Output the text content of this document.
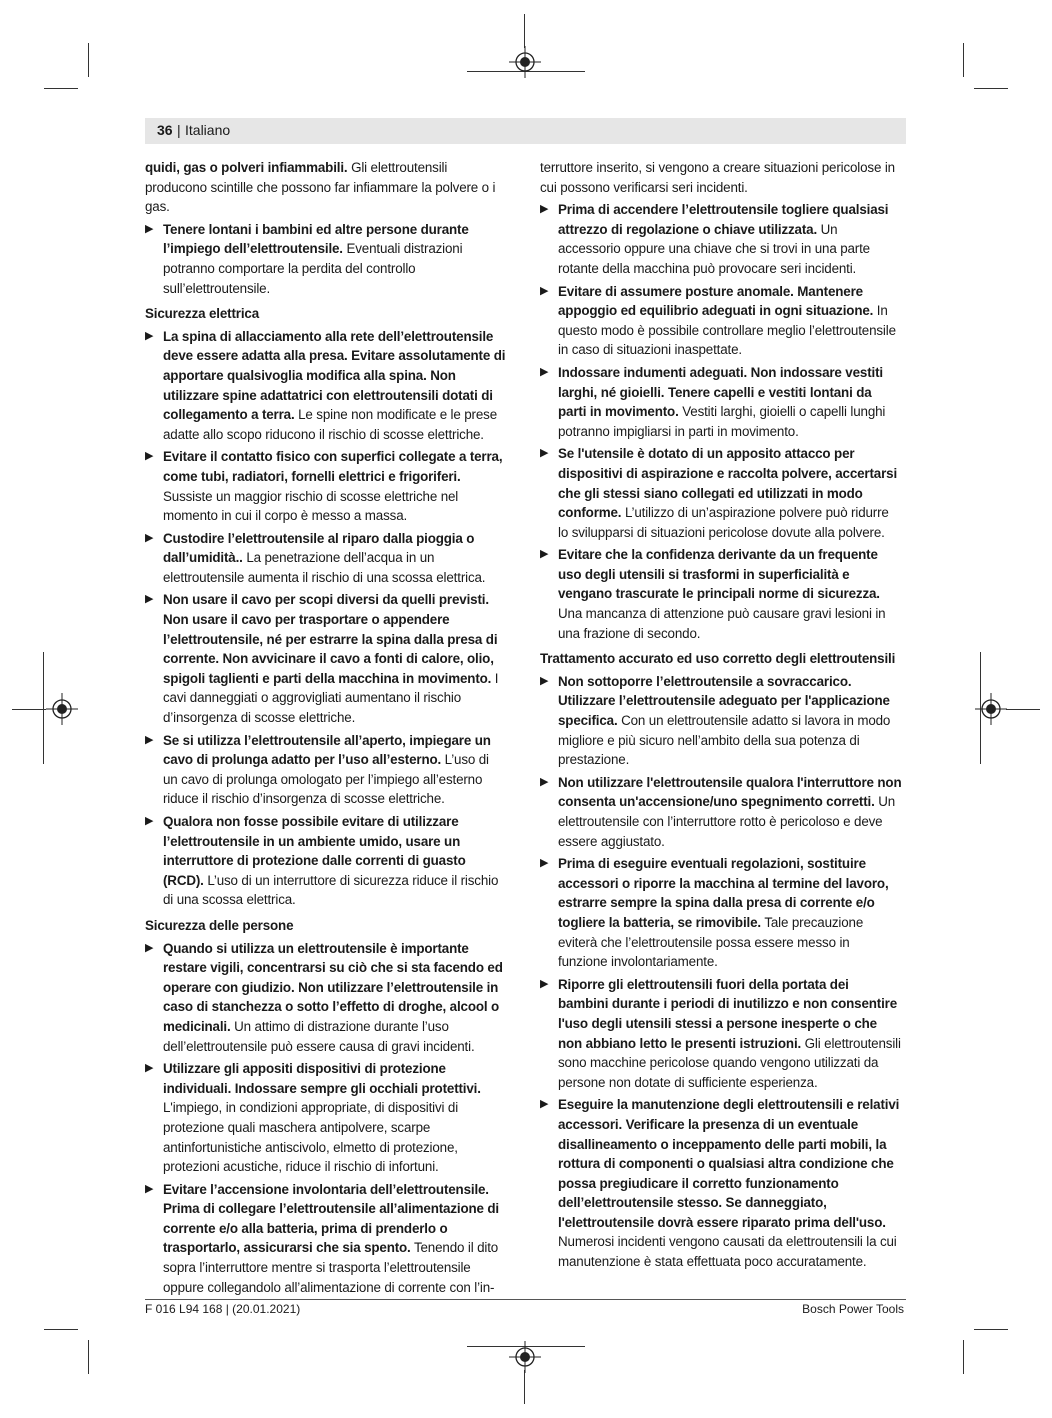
36 | Italiano

quidi, gas o polveri infiammabili. Gli elettroutensili producono scintille che possono far infiammare la polvere o i gas.

▶ Tenere lontani i bambini ed altre persone durante l’impiego dell’elettroutensile. Eventuali distrazioni potranno comportare la perdita del controllo sull’elettroutensile.
Sicurezza elettrica
▶ La spina di allacciamento alla rete dell’elettroutensile deve essere adatta alla presa. Evitare assolutamente di apportare qualsivoglia modifica alla spina. Non utilizzare spine adattatrici con elettroutensili dotati di collegamento a terra. Le spine non modificate e le prese adatte allo scopo riducono il rischio di scosse elettriche.
▶ Evitare il contatto fisico con superfici collegate a terra, come tubi, radiatori, fornelli elettrici e frigoriferi. Sussiste un maggior rischio di scosse elettriche nel momento in cui il corpo è messo a massa.
▶ Custodire l’elettroutensile al riparo dalla pioggia o dall’umidità.. La penetrazione dell’acqua in un elettroutensile aumenta il rischio di una scossa elettrica.
▶ Non usare il cavo per scopi diversi da quelli previsti. Non usare il cavo per trasportare o appendere l’elettroutensile, né per estrarre la spina dalla presa di corrente. Non avvicinare il cavo a fonti di calore, olio, spigoli taglienti e parti della macchina in movimento. I cavi danneggiati o aggrovigliati aumentano il rischio d’insorgenza di scosse elettriche.
▶ Se si utilizza l’elettroutensile all’aperto, impiegare un cavo di prolunga adatto per l’uso all’esterno. L’uso di un cavo di prolunga omologato per l’impiego all’esterno riduce il rischio d’insorgenza di scosse elettriche.
▶ Qualora non fosse possibile evitare di utilizzare l’elettroutensile in un ambiente umido, usare un interruttore di protezione dalle correnti di guasto (RCD). L’uso di un interruttore di sicurezza riduce il rischio di una scossa elettrica.
Sicurezza delle persone
▶ Quando si utilizza un elettroutensile è importante restare vigili, concentrarsi su ciò che si sta facendo ed operare con giudizio. Non utilizzare l’elettroutensile in caso di stanchezza o sotto l’effetto di droghe, alcool o medicinali. Un attimo di distrazione durante l’uso dell’elettroutensile può essere causa di gravi incidenti.
▶ Utilizzare gli appositi dispositivi di protezione individuali. Indossare sempre gli occhiali protettivi. L'impiego, in condizioni appropriate, di dispositivi di protezione quali maschera antipolvere, scarpe antinfortunistiche antiscivolo, elmetto di protezione, protezioni acustiche, riduce il rischio di infortuni.
▶ Evitare l’accensione involontaria dell’elettroutensile. Prima di collegare l’elettroutensile all’alimentazione di corrente e/o alla batteria, prima di prenderlo o trasportarlo, assicurarsi che sia spento. Tenendo il dito sopra l’interruttore mentre si trasporta l’elettroutensile oppure collegandolo all’alimentazione di corrente con l’in-

terruttore inserito, si vengono a creare situazioni pericolose in cui possono verificarsi seri incidenti.

▶ Prima di accendere l’elettroutensile togliere qualsiasi attrezzo di regolazione o chiave utilizzata. Un accessorio oppure una chiave che si trovi in una parte rotante della macchina può provocare seri incidenti.
▶ Evitare di assumere posture anomale. Mantenere appoggio ed equilibrio adeguati in ogni situazione. In questo modo è possibile controllare meglio l’elettroutensile in caso di situazioni inaspettate.
▶ Indossare indumenti adeguati. Non indossare vestiti larghi, né gioielli. Tenere capelli e vestiti lontani da parti in movimento. Vestiti larghi, gioielli o capelli lunghi potranno impigliarsi in parti in movimento.
▶ Se l'utensile è dotato di un apposito attacco per dispositivi di aspirazione e raccolta polvere, accertarsi che gli stessi siano collegati ed utilizzati in modo conforme. L’utilizzo di un’aspirazione polvere può ridurre lo svilupparsi di situazioni pericolose dovute alla polvere.
▶ Evitare che la confidenza derivante da un frequente uso degli utensili si trasformi in superficialità e vengano trascurate le principali norme di sicurezza. Una mancanza di attenzione può causare gravi lesioni in una frazione di secondo.
Trattamento accurato ed uso corretto degli elettroutensili
▶ Non sottoporre l’elettroutensile a sovraccarico. Utilizzare l’elettroutensile adeguato per l'applicazione specifica. Con un elettroutensile adatto si lavora in modo migliore e più sicuro nell’ambito della sua potenza di prestazione.
▶ Non utilizzare l'elettroutensile qualora l'interruttore non consenta un'accensione/uno spegnimento corretti. Un elettroutensile con l’interruttore rotto è pericoloso e deve essere aggiustato.
▶ Prima di eseguire eventuali regolazioni, sostituire accessori o riporre la macchina al termine del lavoro, estrarre sempre la spina dalla presa di corrente e/o togliere la batteria, se rimovibile. Tale precauzione eviterà che l’elettroutensile possa essere messo in funzione involontariamente.
▶ Riporre gli elettroutensili fuori della portata dei bambini durante i periodi di inutilizzo e non consentire l'uso degli utensili stessi a persone inesperte o che non abbiano letto le presenti istruzioni. Gli elettroutensili sono macchine pericolose quando vengono utilizzati da persone non dotate di sufficiente esperienza.
▶ Eseguire la manutenzione degli elettroutensili e relativi accessori. Verificare la presenza di un eventuale disallineamento o inceppamento delle parti mobili, la rottura di componenti o qualsiasi altra condizione che possa pregiudicare il corretto funzionamento dell’elettroutensile stesso. Se danneggiato, l'elettroutensile dovrà essere riparato prima dell'uso. Numerosi incidenti vengono causati da elettroutensili la cui manutenzione è stata effettuata poco accuratamente.
F 016 L94 168 | (20.01.2021)	Bosch Power Tools
